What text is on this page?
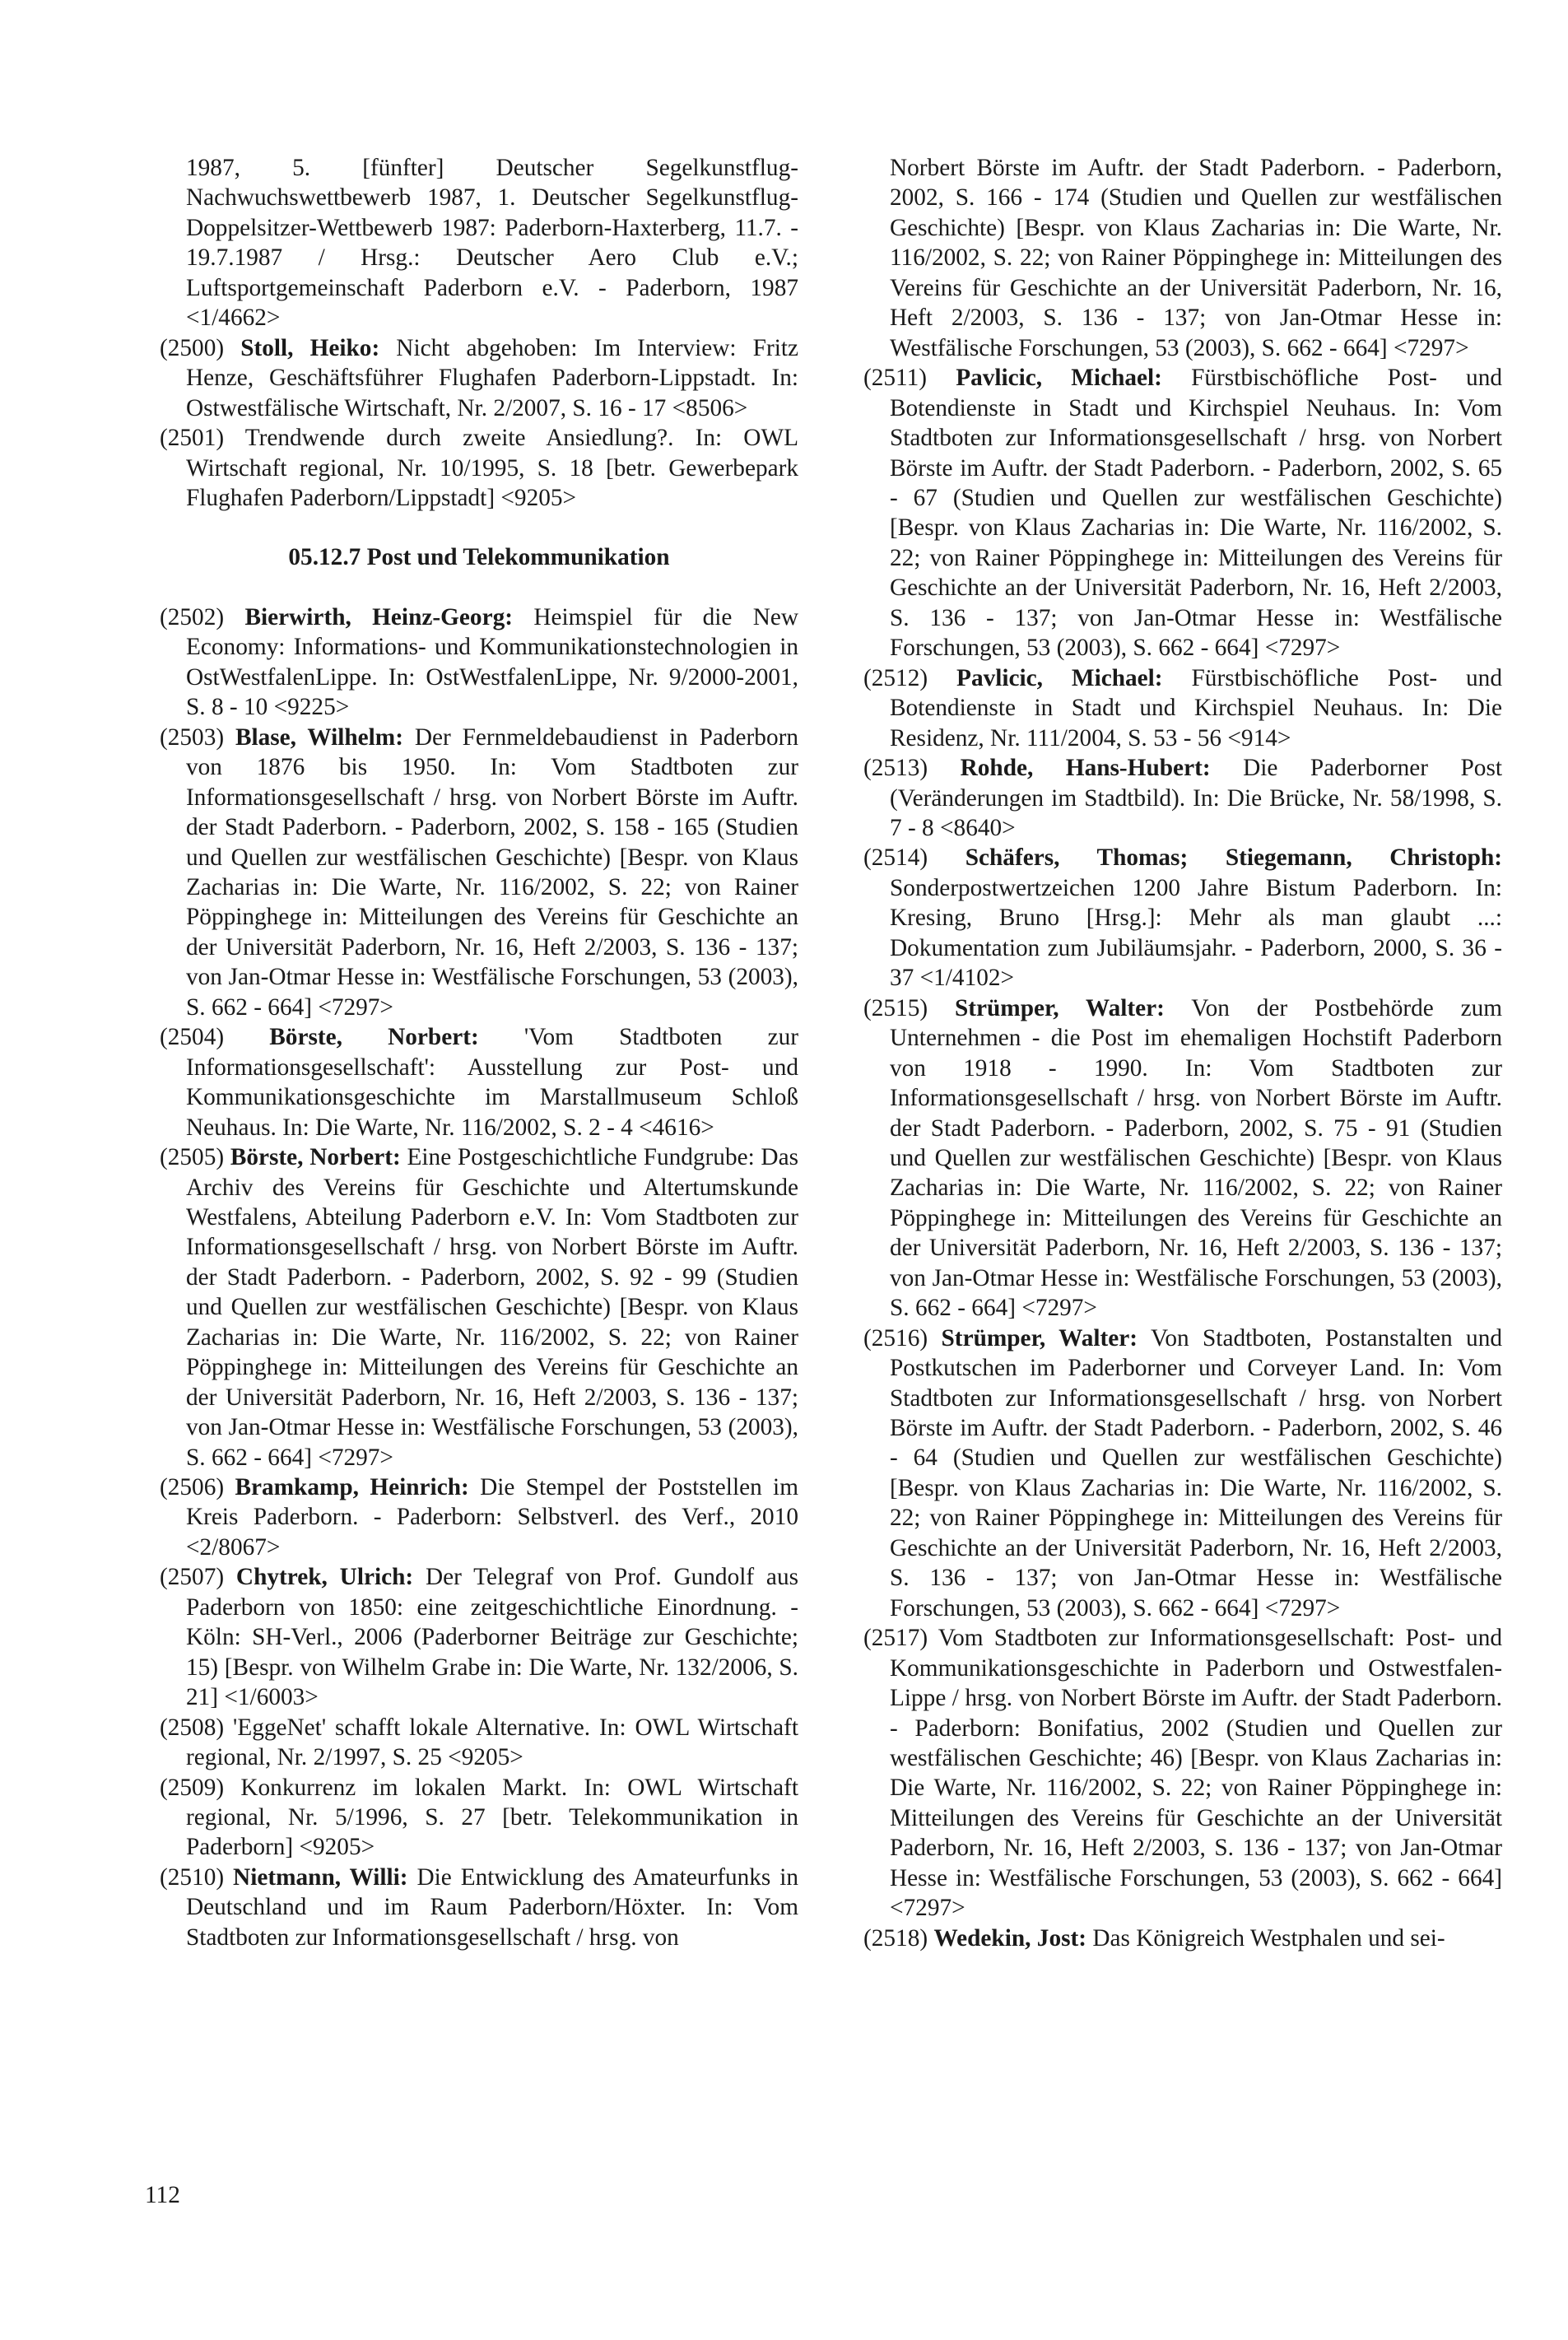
1987, 5. [fünfter] Deutscher Segelkunstflug-Nachwuchswettbewerb 1987, 1. Deutscher Segelkunstflug-Doppelsitzer-Wettbewerb 1987: Paderborn-Haxterberg, 11.7. - 19.7.1987 / Hrsg.: Deutscher Aero Club e.V.; Luftsportgemeinschaft Paderborn e.V. - Paderborn, 1987 <1/4662>

(2500) Stoll, Heiko: Nicht abgehoben: Im Interview: Fritz Henze, Geschäftsführer Flughafen Paderborn-Lippstadt. In: Ostwestfälische Wirtschaft, Nr. 2/2007, S. 16 - 17 <8506>

(2501) Trendwende durch zweite Ansiedlung?. In: OWL Wirtschaft regional, Nr. 10/1995, S. 18 [betr. Gewerbepark Flughafen Paderborn/Lippstadt] <9205>

05.12.7 Post und Telekommunikation

(2502) Bierwirth, Heinz-Georg: Heimspiel für die New Economy: Informations- und Kommunikationstechnologien in OstWestfalenLippe. In: OstWestfalenLippe, Nr. 9/2000-2001, S. 8 - 10 <9225>

(2503) Blase, Wilhelm: Der Fernmeldebaudienst in Paderborn von 1876 bis 1950. In: Vom Stadtboten zur Informationsgesellschaft / hrsg. von Norbert Börste im Auftr. der Stadt Paderborn. - Paderborn, 2002, S. 158 - 165 (Studien und Quellen zur westfälischen Geschichte) [Bespr. von Klaus Zacharias in: Die Warte, Nr. 116/2002, S. 22; von Rainer Pöppinghege in: Mitteilungen des Vereins für Geschichte an der Universität Paderborn, Nr. 16, Heft 2/2003, S. 136 - 137; von Jan-Otmar Hesse in: Westfälische Forschungen, 53 (2003), S. 662 - 664] <7297>

(2504) Börste, Norbert: 'Vom Stadtboten zur Informationsgesellschaft': Ausstellung zur Post- und Kommunikationsgeschichte im Marstallmuseum Schloß Neuhaus. In: Die Warte, Nr. 116/2002, S. 2 - 4 <4616>

(2505) Börste, Norbert: Eine Postgeschichtliche Fundgrube: Das Archiv des Vereins für Geschichte und Altertumskunde Westfalens, Abteilung Paderborn e.V. In: Vom Stadtboten zur Informationsgesellschaft / hrsg. von Norbert Börste im Auftr. der Stadt Paderborn. - Paderborn, 2002, S. 92 - 99 (Studien und Quellen zur westfälischen Geschichte) [Bespr. von Klaus Zacharias in: Die Warte, Nr. 116/2002, S. 22; von Rainer Pöppinghege in: Mitteilungen des Vereins für Geschichte an der Universität Paderborn, Nr. 16, Heft 2/2003, S. 136 - 137; von Jan-Otmar Hesse in: Westfälische Forschungen, 53 (2003), S. 662 - 664] <7297>

(2506) Bramkamp, Heinrich: Die Stempel der Poststellen im Kreis Paderborn. - Paderborn: Selbstverl. des Verf., 2010 <2/8067>

(2507) Chytrek, Ulrich: Der Telegraf von Prof. Gundolf aus Paderborn von 1850: eine zeitgeschichtliche Einordnung. - Köln: SH-Verl., 2006 (Paderborner Beiträge zur Geschichte; 15) [Bespr. von Wilhelm Grabe in: Die Warte, Nr. 132/2006, S. 21] <1/6003>

(2508) 'EggeNet' schafft lokale Alternative. In: OWL Wirtschaft regional, Nr. 2/1997, S. 25 <9205>

(2509) Konkurrenz im lokalen Markt. In: OWL Wirtschaft regional, Nr. 5/1996, S. 27 [betr. Telekommunikation in Paderborn] <9205>

(2510) Nietmann, Willi: Die Entwicklung des Amateurfunks in Deutschland und im Raum Paderborn/Höxter. In: Vom Stadtboten zur Informationsgesellschaft / hrsg. von

Norbert Börste im Auftr. der Stadt Paderborn. - Paderborn, 2002, S. 166 - 174 (Studien und Quellen zur westfälischen Geschichte) [Bespr. von Klaus Zacharias in: Die Warte, Nr. 116/2002, S. 22; von Rainer Pöppinghege in: Mitteilungen des Vereins für Geschichte an der Universität Paderborn, Nr. 16, Heft 2/2003, S. 136 - 137; von Jan-Otmar Hesse in: Westfälische Forschungen, 53 (2003), S. 662 - 664] <7297>

(2511) Pavlicic, Michael: Fürstbischöfliche Post- und Botendienste in Stadt und Kirchspiel Neuhaus. In: Vom Stadtboten zur Informationsgesellschaft / hrsg. von Norbert Börste im Auftr. der Stadt Paderborn. - Paderborn, 2002, S. 65 - 67 (Studien und Quellen zur westfälischen Geschichte) [Bespr. von Klaus Zacharias in: Die Warte, Nr. 116/2002, S. 22; von Rainer Pöppinghege in: Mitteilungen des Vereins für Geschichte an der Universität Paderborn, Nr. 16, Heft 2/2003, S. 136 - 137; von Jan-Otmar Hesse in: Westfälische Forschungen, 53 (2003), S. 662 - 664] <7297>

(2512) Pavlicic, Michael: Fürstbischöfliche Post- und Botendienste in Stadt und Kirchspiel Neuhaus. In: Die Residenz, Nr. 111/2004, S. 53 - 56 <914>

(2513) Rohde, Hans-Hubert: Die Paderborner Post (Veränderungen im Stadtbild). In: Die Brücke, Nr. 58/1998, S. 7 - 8 <8640>

(2514) Schäfers, Thomas; Stiegemann, Christoph: Sonderpostwertzeichen 1200 Jahre Bistum Paderborn. In: Kresing, Bruno [Hrsg.]: Mehr als man glaubt ...: Dokumentation zum Jubiläumsjahr. - Paderborn, 2000, S. 36 - 37 <1/4102>

(2515) Strümper, Walter: Von der Postbehörde zum Unternehmen - die Post im ehemaligen Hochstift Paderborn von 1918 - 1990. In: Vom Stadtboten zur Informationsgesellschaft / hrsg. von Norbert Börste im Auftr. der Stadt Paderborn. - Paderborn, 2002, S. 75 - 91 (Studien und Quellen zur westfälischen Geschichte) [Bespr. von Klaus Zacharias in: Die Warte, Nr. 116/2002, S. 22; von Rainer Pöppinghege in: Mitteilungen des Vereins für Geschichte an der Universität Paderborn, Nr. 16, Heft 2/2003, S. 136 - 137; von Jan-Otmar Hesse in: Westfälische Forschungen, 53 (2003), S. 662 - 664] <7297>

(2516) Strümper, Walter: Von Stadtboten, Postanstalten und Postkutschen im Paderborner und Corveyer Land. In: Vom Stadtboten zur Informationsgesellschaft / hrsg. von Norbert Börste im Auftr. der Stadt Paderborn. - Paderborn, 2002, S. 46 - 64 (Studien und Quellen zur westfälischen Geschichte) [Bespr. von Klaus Zacharias in: Die Warte, Nr. 116/2002, S. 22; von Rainer Pöppinghege in: Mitteilungen des Vereins für Geschichte an der Universität Paderborn, Nr. 16, Heft 2/2003, S. 136 - 137; von Jan-Otmar Hesse in: Westfälische Forschungen, 53 (2003), S. 662 - 664] <7297>

(2517) Vom Stadtboten zur Informationsgesellschaft: Post- und Kommunikationsgeschichte in Paderborn und Ostwestfalen-Lippe / hrsg. von Norbert Börste im Auftr. der Stadt Paderborn. - Paderborn: Bonifatius, 2002 (Studien und Quellen zur westfälischen Geschichte; 46) [Bespr. von Klaus Zacharias in: Die Warte, Nr. 116/2002, S. 22; von Rainer Pöppinghege in: Mitteilungen des Vereins für Geschichte an der Universität Paderborn, Nr. 16, Heft 2/2003, S. 136 - 137; von Jan-Otmar Hesse in: Westfälische Forschungen, 53 (2003), S. 662 - 664] <7297>

(2518) Wedekin, Jost: Das Königreich Westphalen und sei-

112
